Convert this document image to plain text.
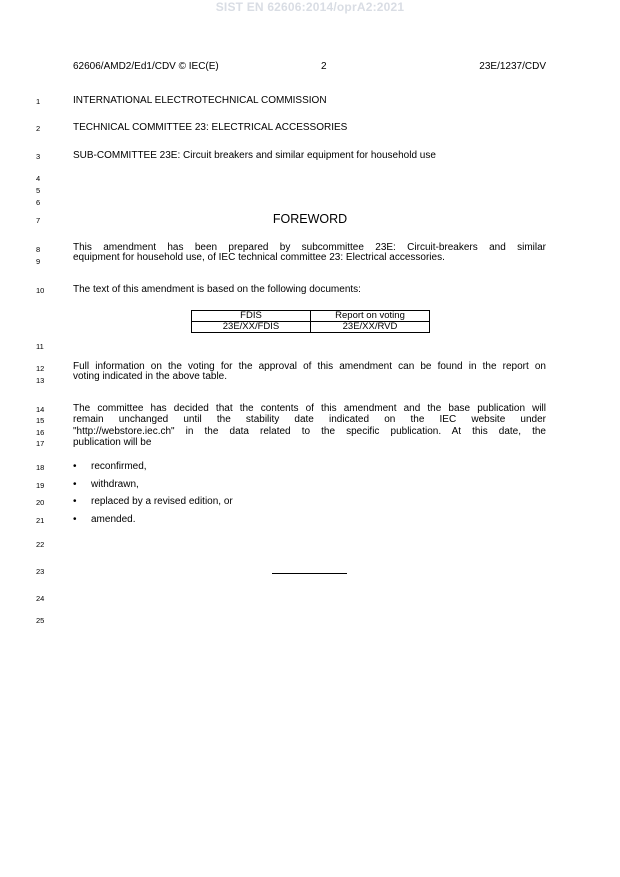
SIST EN 62606:2014/oprA2:2021
62606/AMD2/Ed1/CDV © IEC(E)	2	23E/1237/CDV
1
2
3
4
5
6
7
8
9
10
11
12
13
14
15
16
17
18
19
20
21
22
23
24
25
INTERNATIONAL ELECTROTECHNICAL COMMISSION
TECHNICAL COMMITTEE 23: ELECTRICAL ACCESSORIES
SUB-COMMITTEE 23E: Circuit breakers and similar equipment for household use
FOREWORD
This amendment has been prepared by subcommittee 23E: Circuit-breakers and similar
equipment for household use, of IEC technical committee 23: Electrical accessories.
The text of this amendment is based on the following documents:
FDIS	Report on voting
23E/XX/FDIS	23E/XX/RVD
Full information on the voting for the approval of this amendment can be found in the report on
voting indicated in the above table.
The committee has decided that the contents of this amendment and the base publication will
remain unchanged until the stability date indicated on the IEC website under
"http://webstore.iec.ch" in the data related to the specific publication. At this date, the
publication will be
• reconfirmed,
• withdrawn,
• replaced by a revised edition, or
• amended.
